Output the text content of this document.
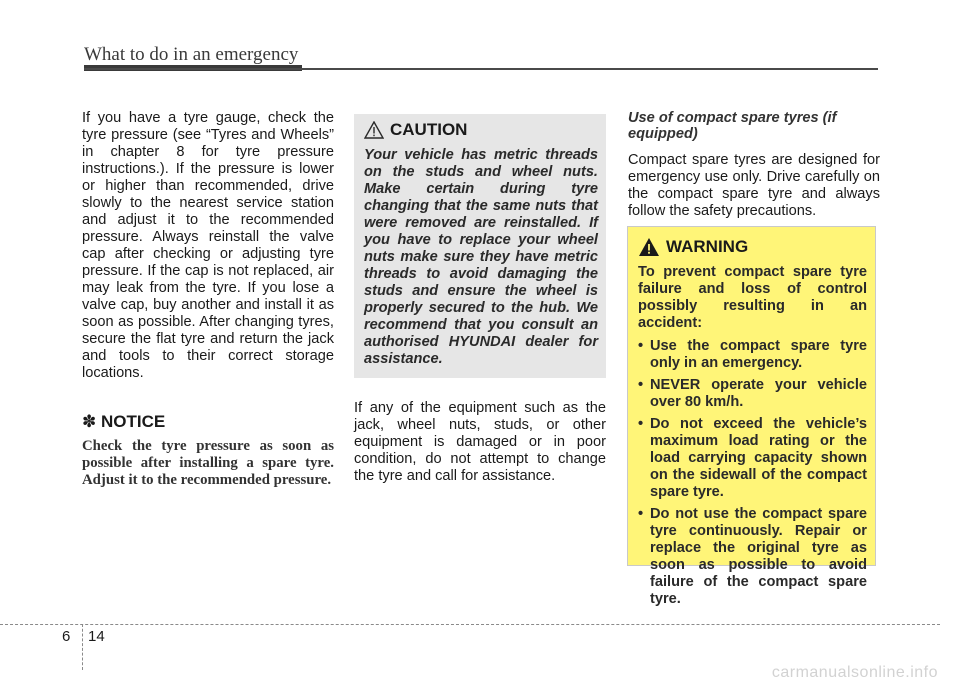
What to do in an emergency

If you have a tyre gauge, check the tyre pressure (see “Tyres and Wheels” in chapter 8 for tyre pressure instructions.). If the pressure is lower or higher than recommended, drive slowly to the nearest service station and adjust it to the recommended pressure. Always reinstall the valve cap after checking or adjusting tyre pressure. If the cap is not replaced, air may leak from the tyre. If you lose a valve cap, buy another and install it as soon as possible. After changing tyres, secure the flat tyre and return the jack and tools to their correct storage locations.

✽ NOTICE

Check the tyre pressure as soon as possible after installing a spare tyre. Adjust it to the recommended pressure.

CAUTION

Your vehicle has metric threads on the studs and wheel nuts. Make certain during tyre changing that the same nuts that were removed are reinstalled. If you have to replace your wheel nuts make sure they have metric threads to avoid damaging the studs and ensure the wheel is properly secured to the hub. We recommend that you consult an authorised HYUNDAI dealer for assistance.

If any of the equipment such as the jack, wheel nuts, studs, or other equipment is damaged or in poor condition, do not attempt to change the tyre and call for assistance.

Use of compact spare tyres (if equipped)

Compact spare tyres are designed for emergency use only. Drive carefully on the compact spare tyre and always follow the safety precautions.

WARNING

To prevent compact spare tyre failure and loss of control possibly resulting in an accident:

• Use the compact spare tyre only in an emergency.
• NEVER operate your vehicle over 80 km/h.
• Do not exceed the vehicle’s maximum load rating or the load carrying capacity shown on the sidewall of the compact spare tyre.
• Do not use the compact spare tyre continuously. Repair or replace the original tyre as soon as possible to avoid failure of the compact spare tyre.
6 14
carmanualsonline.info
